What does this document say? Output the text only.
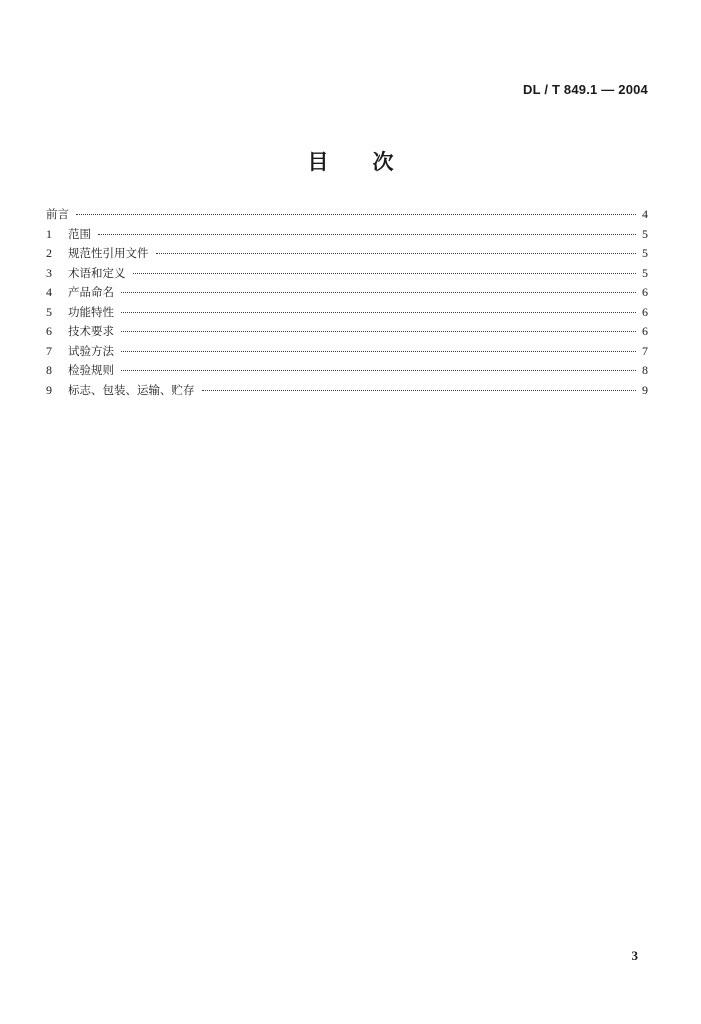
DL / T 849.1 — 2004
目 次
前言	4
1	范围	5
2	规范性引用文件	5
3	术语和定义	5
4	产品命名	6
5	功能特性	6
6	技术要求	6
7	试验方法	7
8	检验规则	8
9	标志、包装、运输、贮存	9
3
